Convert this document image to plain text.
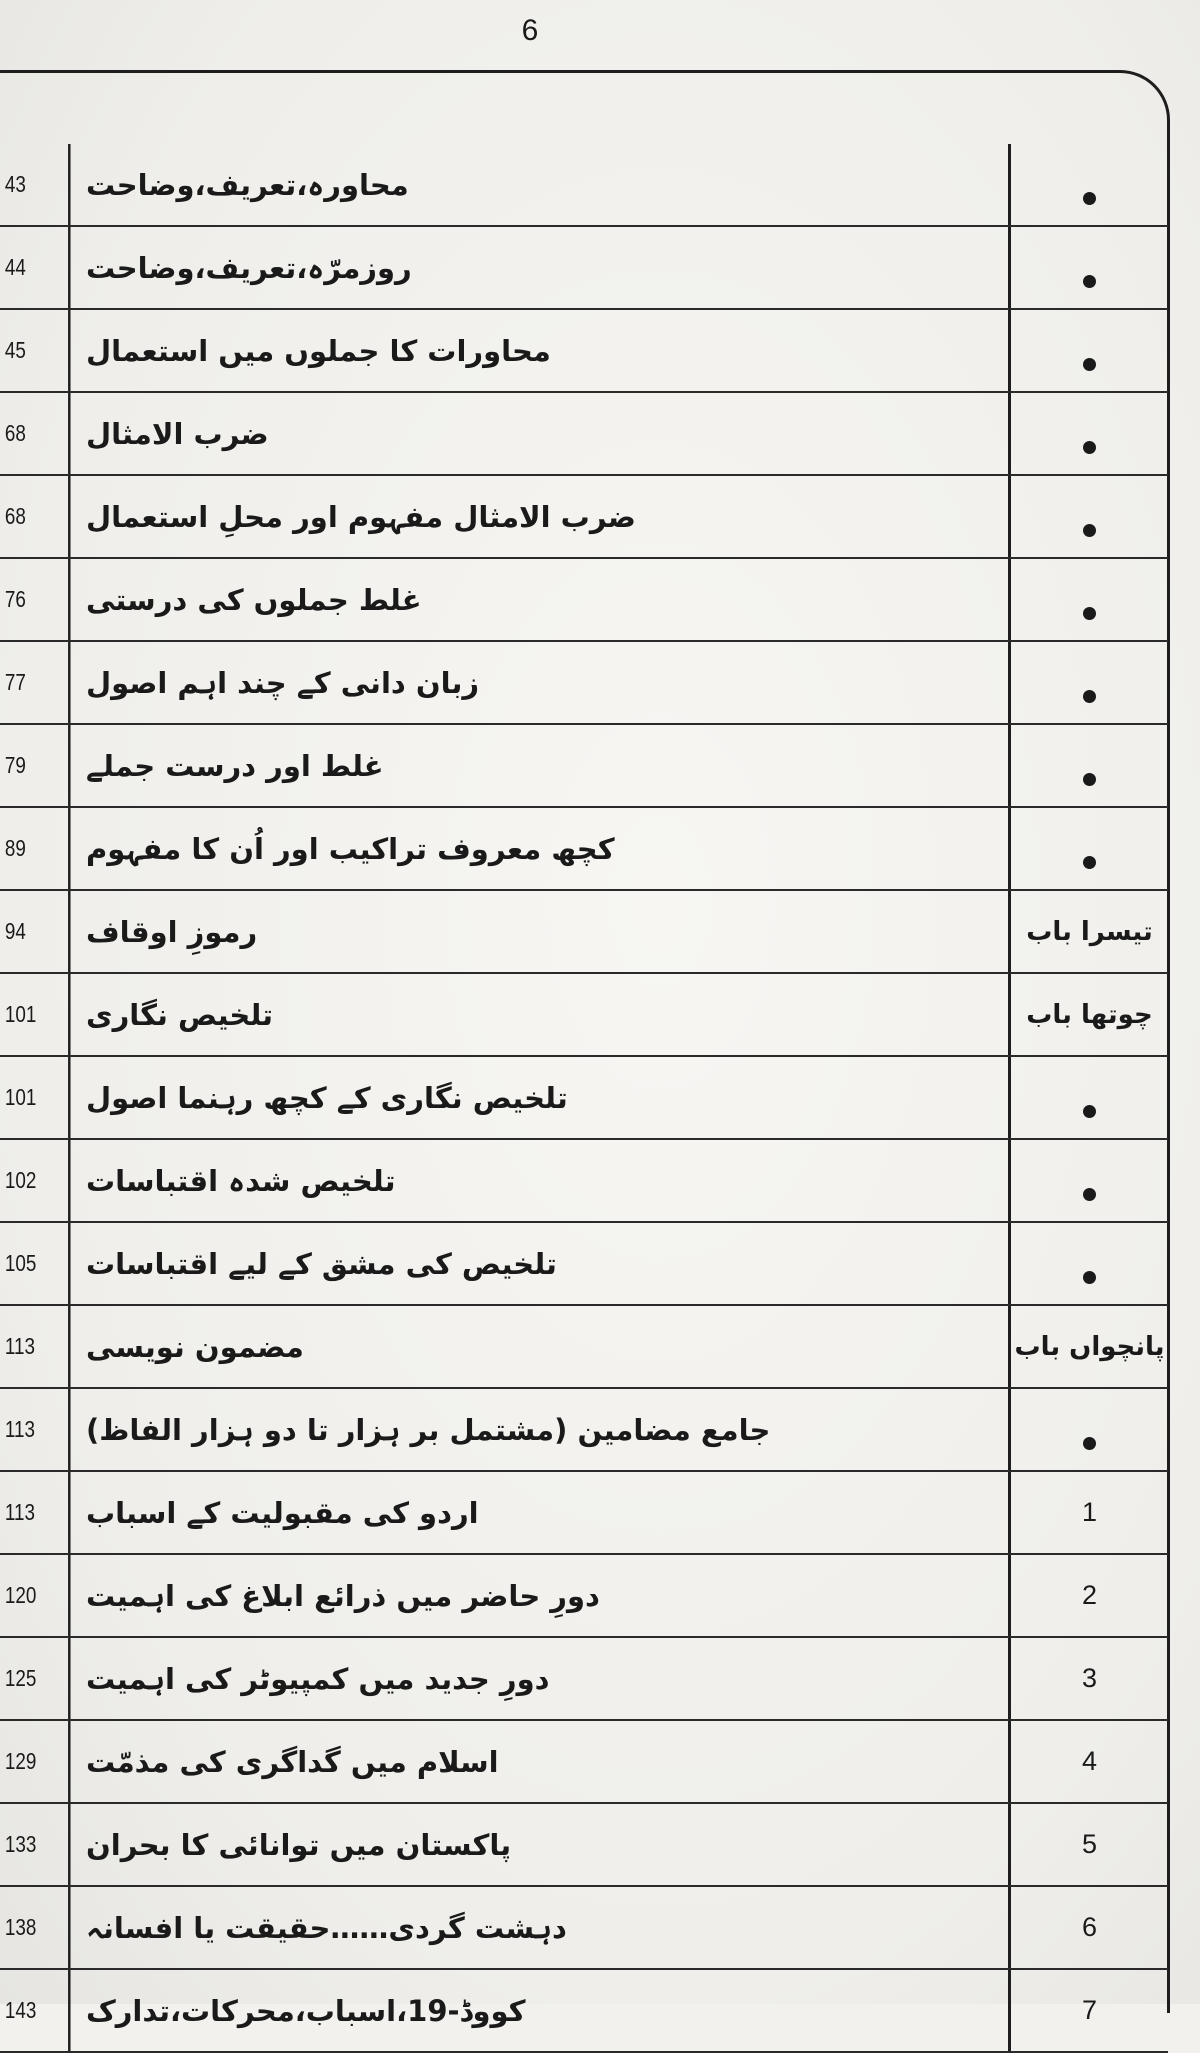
6
43	محاورہ،تعریف،وضاحت
44	روزمرّہ،تعریف،وضاحت
45	محاورات کا جملوں میں استعمال
68	ضرب الامثال
68	ضرب الامثال مفہوم اور محلِ استعمال
76	غلط جملوں کی درستی
77	زبان دانی کے چند اہم اصول
79	غلط اور درست جملے
89	کچھ معروف تراکیب اور اُن کا مفہوم
94	رموزِ اوقاف	تیسرا باب
101	تلخیص نگاری	چوتھا باب
101	تلخیص نگاری کے کچھ رہنما اصول
102	تلخیص شدہ اقتباسات
105	تلخیص کی مشق کے لیے اقتباسات
113	مضمون نویسی	پانچواں باب
113	جامع مضامین (مشتمل بر ہزار تا دو ہزار الفاظ)
113	اردو کی مقبولیت کے اسباب	1
120	دورِ حاضر میں ذرائع ابلاغ کی اہمیت	2
125	دورِ جدید میں کمپیوٹر کی اہمیت	3
129	اسلام میں گداگری کی مذمّت	4
133	پاکستان میں توانائی کا بحران	5
138	دہشت گردی……حقیقت یا افسانہ	6
143	کووڈ-19،اسباب،محرکات،تدارک	7
